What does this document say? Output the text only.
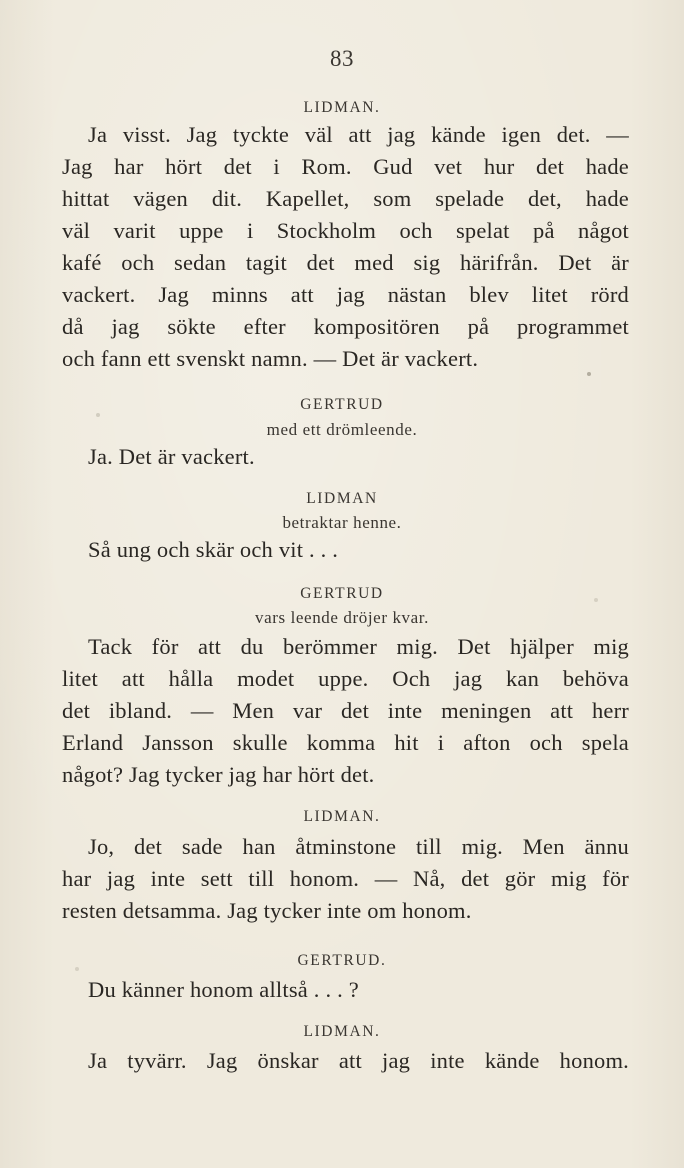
83
LIDMAN.
Ja visst. Jag tyckte väl att jag kände igen det. —
Jag har hört det i Rom. Gud vet hur det hade
hittat vägen dit. Kapellet, som spelade det, hade
väl varit uppe i Stockholm och spelat på något
kafé och sedan tagit det med sig härifrån. Det är
vackert. Jag minns att jag nästan blev litet rörd
då jag sökte efter kompositören på programmet
och fann ett svenskt namn. — Det är vackert.
GERTRUD
med ett drömleende.
Ja. Det är vackert.
LIDMAN
betraktar henne.
Så ung och skär och vit . . .
GERTRUD
vars leende dröjer kvar.
Tack för att du berömmer mig. Det hjälper mig
litet att hålla modet uppe. Och jag kan behöva
det ibland. — Men var det inte meningen att herr
Erland Jansson skulle komma hit i afton och spela
något? Jag tycker jag har hört det.
LIDMAN.
Jo, det sade han åtminstone till mig. Men ännu
har jag inte sett till honom. — Nå, det gör mig för
resten detsamma. Jag tycker inte om honom.
GERTRUD.
Du känner honom alltså . . . ?
LIDMAN.
Ja tyvärr. Jag önskar att jag inte kände honom.
